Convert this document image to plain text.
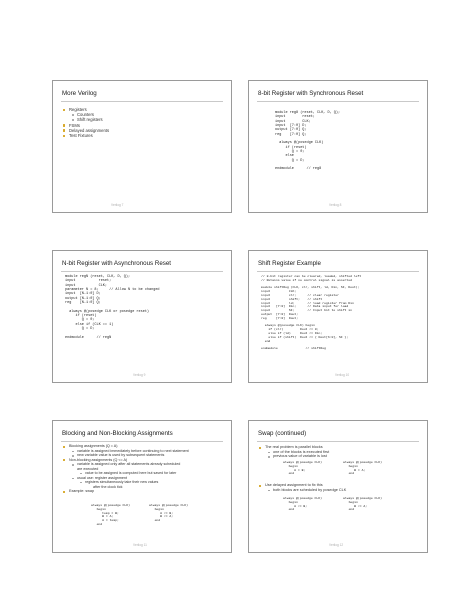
More Verilog
Registers
Counters
Shift registers
FSMs
Delayed assignments
Test Fixtures
Verilog 7
8-bit Register with Synchronous Reset
module reg8 (reset, CLK, D, Q);
input        reset;
input        CLK;
input  [7:0] D;
output [7:0] Q;
reg    [7:0] Q;

always @(posedge CLK)
if (reset)
Q = 0;
else
Q = D;

endmodule      // reg8
Verilog 8
N-bit Register with Asynchronous Reset
module regN (reset, CLK, D, Q);
input           reset;
input           CLK;
parameter N = 8;     // Allow N to be changed
input  [N-1:0] D;
output [N-1:0] Q;
reg    [N-1:0] Q;

always @(posedge CLK or posedge reset)
if (reset)
Q = 0;
else if (CLK == 1)
Q = D;

endmodule      // regN
Verilog 9
Shift Register Example
// 8-bit register can be cleared, loaded, shifted left
// Retains value if no control signal is asserted

module shiftReg (CLK, clr, shift, ld, Din, SI, Dout);
input          CLK;
input          clr;      // clear register
input          shift;    // shift
input          ld;       // load register from Din
input   [7:0]  Din;      // Data input for load
input          SI;       // Input bit to shift in
output  [7:0]  Dout;
reg     [7:0]  Dout;

always @(posedge CLK) begin
if (clr)         Dout <= 0;
else if (ld)     Dout <= Din;
else if (shift)  Dout <= { Dout[6:0], SI };
end

endmodule               // shiftReg
Verilog 10
Blocking and Non-Blocking Assignments
Blocking assignments (Q = A)
variable is assigned immediately before continuing to next statement
new variable value is used by subsequent statements
Non-blocking assignments (Q <= A)
variable is assigned only after all statements already scheduled
are executed
value to be assigned is computed here but saved for later
usual use: register assignment
registers simultaneously take their new values
after the clock tick
Example: swap
always @(posedge CLK)
begin
temp = B;
B = A;
A = temp;
end
always @(posedge CLK)
begin
A <= B;
B <= A;
end
Verilog 11
Swap (continued)
The real problem is parallel blocks
one of the blocks is executed first
previous value of variable is lost
always @(posedge CLK)
begin
A = B;
end
always @(posedge CLK)
begin
B = A;
end
Use delayed assignment to fix this
both blocks are scheduled by posedge CLK
always @(posedge CLK)
begin
A <= B;
end
always @(posedge CLK)
begin
B <= A;
end
Verilog 12
